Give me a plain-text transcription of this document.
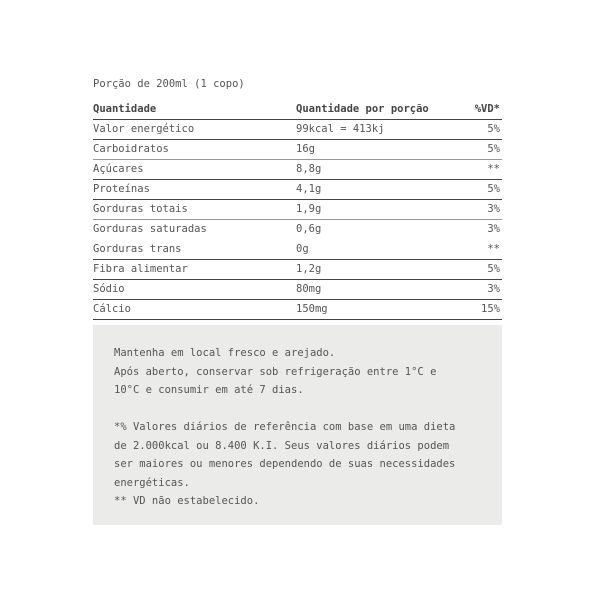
Porção de 200ml (1 copo)
Quantidade	Quantidade por porção	%VD*
Valor energético	99kcal = 413kj	5%
Carboidratos	16g	5%
Açúcares	8,8g	**
Proteínas	4,1g	5%
Gorduras totais	1,9g	3%
Gorduras saturadas	0,6g	3%
Gorduras trans	0g	**
Fibra alimentar	1,2g	5%
Sódio	80mg	3%
Cálcio	150mg	15%

Mantenha em local fresco e arejado.

Após aberto, conservar sob refrigeração entre 1°C e

10°C e consumir em até 7 dias.

*% Valores diários de referência com base em uma dieta

de 2.000kcal ou 8.400 K.I. Seus valores diários podem

ser maiores ou menores dependendo de suas necessidades

energéticas.

** VD não estabelecido.
